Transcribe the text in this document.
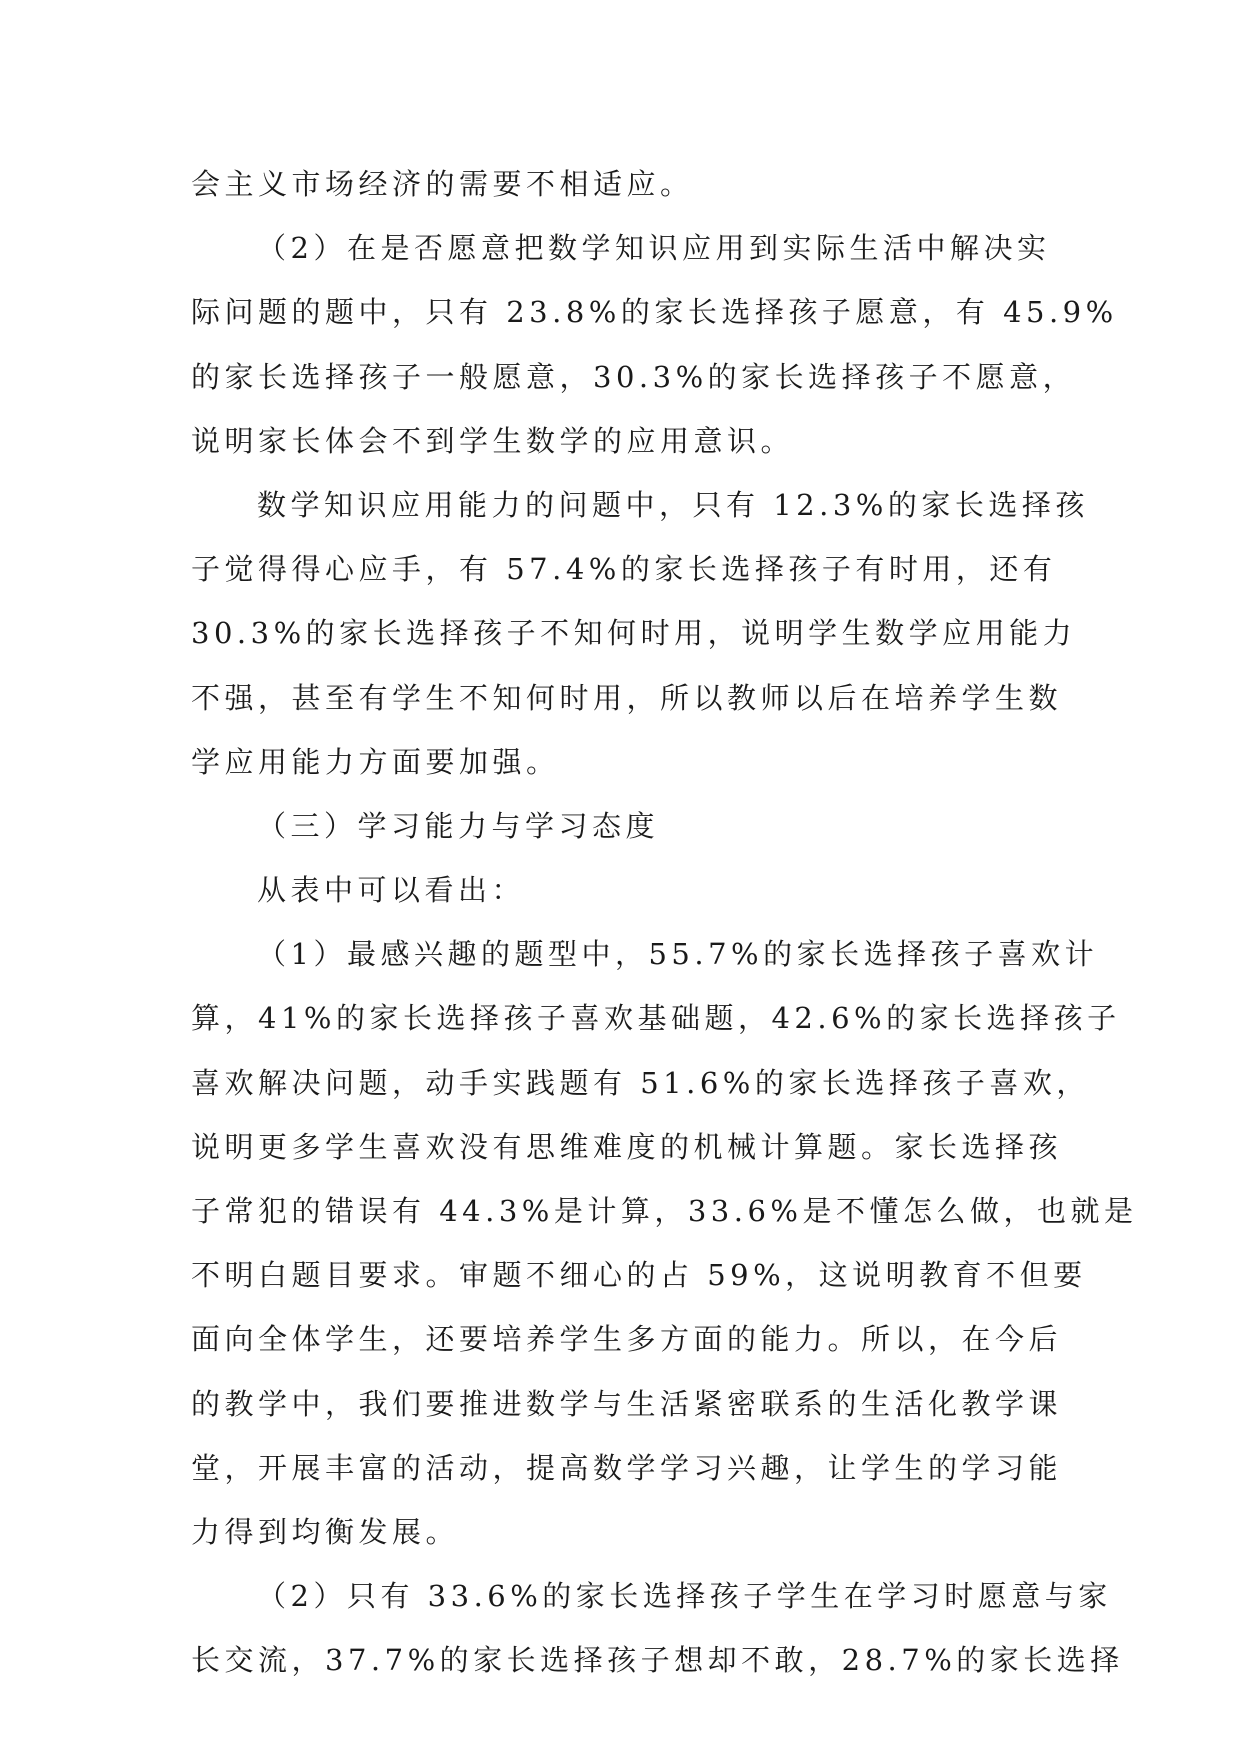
会主义市场经济的需要不相适应。
（2）在是否愿意把数学知识应用到实际生活中解决实
际问题的题中，只有 23.8%的家长选择孩子愿意，有 45.9%
的家长选择孩子一般愿意，30.3%的家长选择孩子不愿意，
说明家长体会不到学生数学的应用意识。
数学知识应用能力的问题中，只有 12.3%的家长选择孩
子觉得得心应手，有 57.4%的家长选择孩子有时用，还有
30.3%的家长选择孩子不知何时用，说明学生数学应用能力
不强，甚至有学生不知何时用，所以教师以后在培养学生数
学应用能力方面要加强。
（三）学习能力与学习态度
从表中可以看出：
（1）最感兴趣的题型中，55.7%的家长选择孩子喜欢计
算，41%的家长选择孩子喜欢基础题，42.6%的家长选择孩子
喜欢解决问题，动手实践题有 51.6%的家长选择孩子喜欢，
说明更多学生喜欢没有思维难度的机械计算题。家长选择孩
子常犯的错误有 44.3%是计算，33.6%是不懂怎么做，也就是
不明白题目要求。审题不细心的占 59%，这说明教育不但要
面向全体学生，还要培养学生多方面的能力。所以，在今后
的教学中，我们要推进数学与生活紧密联系的生活化教学课
堂，开展丰富的活动，提高数学学习兴趣，让学生的学习能
力得到均衡发展。
（2）只有 33.6%的家长选择孩子学生在学习时愿意与家
长交流，37.7%的家长选择孩子想却不敢，28.7%的家长选择
